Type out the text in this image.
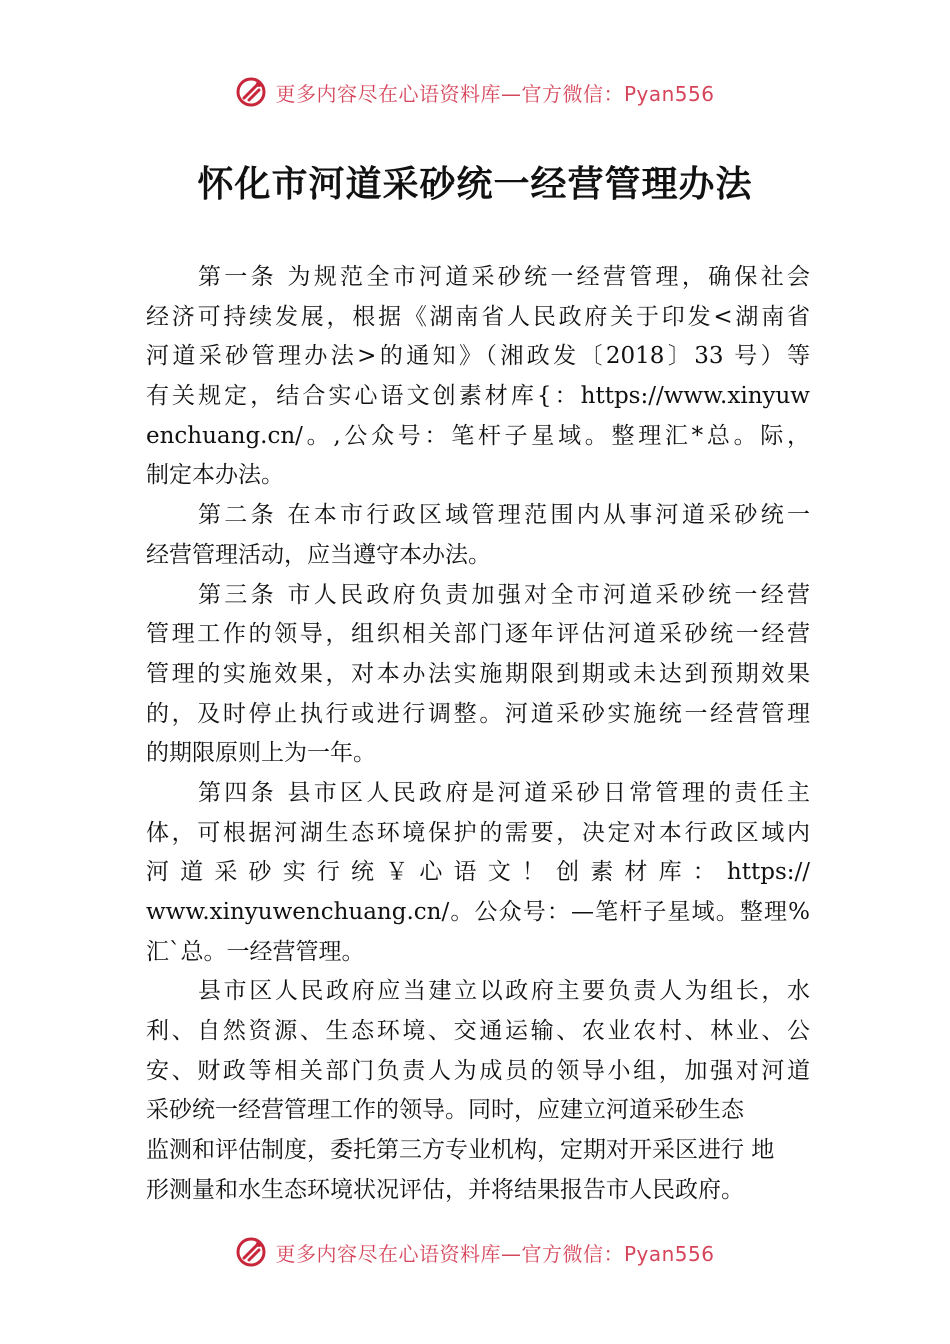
更多内容尽在心语资料库—官方微信：Pyan556
怀化市河道采砂统一经营管理办法
第一条 为规范全市河道采砂统一经营管理，确保社会
经济可持续发展，根据《湖南省人民政府关于印发<湖南省
河道采砂管理办法>的通知》（湘政发〔2018〕33 号）等
有关规定，结合实心语文创素材库{：https://www.xinyuw
enchuang.cn/。,公众号：笔杆子星域。整理汇*总。际，
制定本办法。
第二条 在本市行政区域管理范围内从事河道采砂统一
经营管理活动，应当遵守本办法。
第三条 市人民政府负责加强对全市河道采砂统一经营
管理工作的领导，组织相关部门逐年评估河道采砂统一经营
管理的实施效果，对本办法实施期限到期或未达到预期效果
的，及时停止执行或进行调整。河道采砂实施统一经营管理
的期限原则上为一年。
第四条 县市区人民政府是河道采砂日常管理的责任主
体，可根据河湖生态环境保护的需要，决定对本行政区域内
河道采砂实行统￥心语文！创素材库：https://
www.xinyuwenchuang.cn/。公众号：—笔杆子星域。整理%
汇`总。一经营管理。
县市区人民政府应当建立以政府主要负责人为组长，水
利、自然资源、生态环境、交通运输、农业农村、林业、公
安、财政等相关部门负责人为成员的领导小组，加强对河道
采砂统一经营管理工作的领导。同时，应建立河道采砂生态
监测和评估制度，委托第三方专业机构，定期对开采区进行 地
形测量和水生态环境状况评估，并将结果报告市人民政府。
更多内容尽在心语资料库—官方微信：Pyan556
